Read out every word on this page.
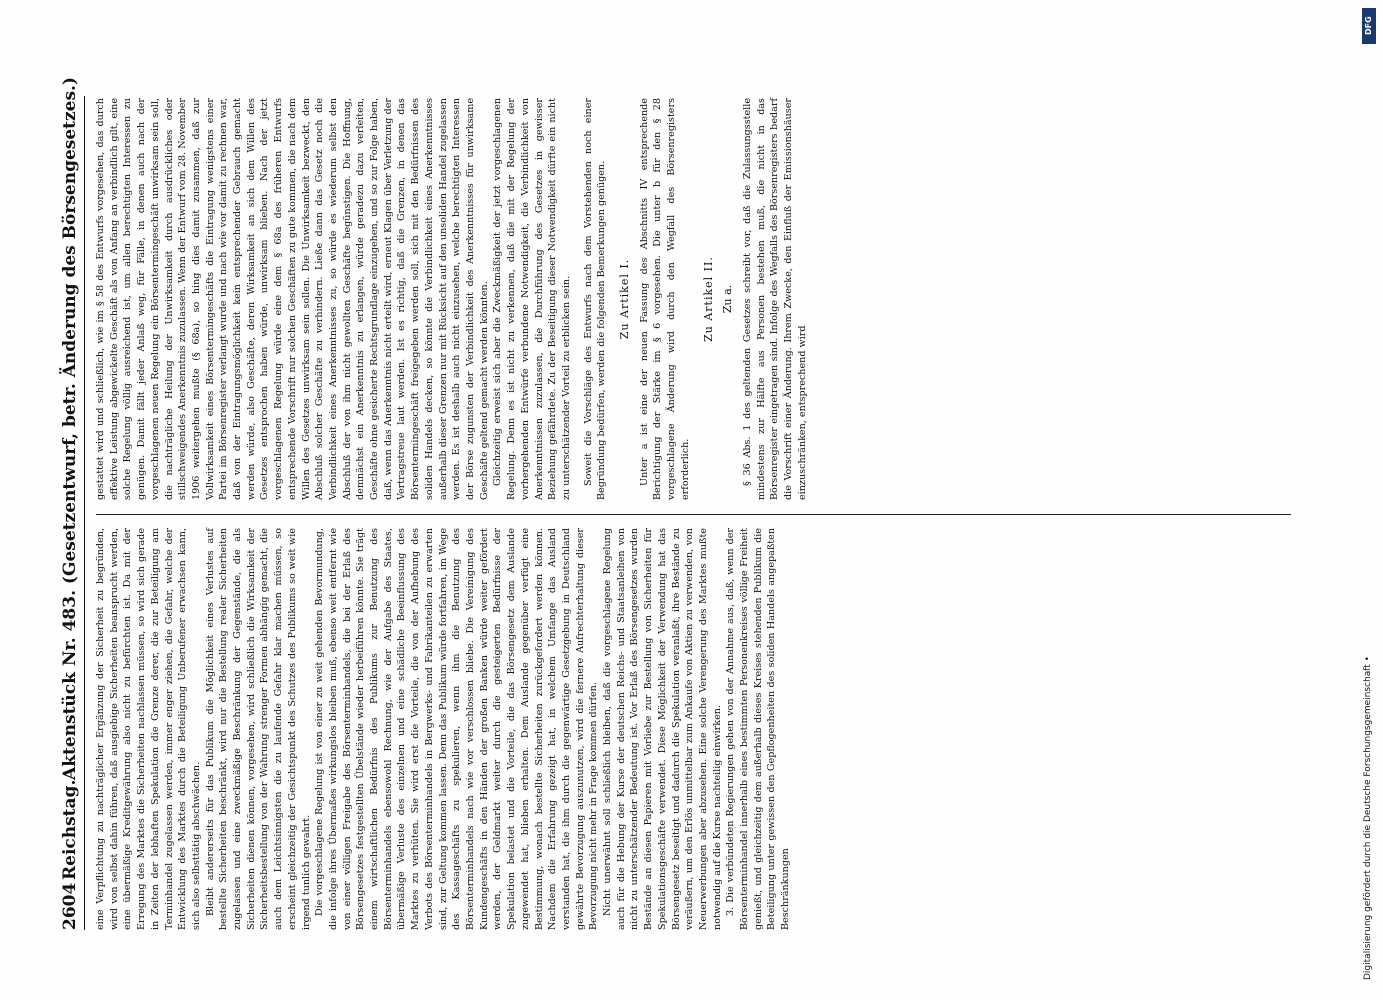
2604
Reichstag.
Aktenstück Nr. 483. (Gesetzentwurf, betr. Änderung des Börsengesetzes.) eine Verpflichtung zu nachträglicher Ergänzung der Sicherheit zu begründen, wird von selbst dahin führen, daß ausgiebige Sicherheiten beansprucht werden, eine übermäßige Kreditgewährung also nicht zu befürchten ist. Da mit der Erregung des Marktes die Sicherheiten nachlassen müssen, so wird sich gerade in Zeiten der lebhaften Spekulation die Grenze derer, die zur Beteiligung am Terminhandel zugelassen werden, immer enger ziehen, die Gefahr, welche der Entwicklung des Marktes durch die Beteiligung Unberufener erwachsen kann, sich also selbsttätig abschwächen. Bleibt andererseits für das Publikum die Möglichkeit eines Verlustes auf bestellte Sicherheiten beschränkt, wird nur die Bestellung realer Sicherheiten zugelassen und eine zweckmäßige Beschränkung der Gegenstände, die als Sicherheiten dienen können, vorgesehen, wird schließlich die Wirksamkeit der Sicherheitsbestellung von der Wahrung strenger Formen abhängig gemacht, die auch dem Leichtsinnigsten die zu laufende Gefahr klar machen müssen, so erscheint gleichzeitig der Gesichtspunkt des Schutzes des Publikums so weit wie irgend tunlich gewahrt. Die vorgeschlagene Regelung ist von einer zu weit gehenden Bevormundung, die infolge ihres Übermaßes wirkungslos bleiben muß, ebenso weit entfernt wie von einer völligen Freigabe des Börsenterminhandels, die bei der Erlaß des Börsengesetzes festgestellten Übelstände wieder herbeiführen könnte. Sie trägt einem wirtschaftlichen Bedürfnis des Publikums zur Benutzung des Börsenterminhandels ebensowohl Rechnung, wie der Aufgabe des Staates, übermäßige Verluste des einzelnen und eine schädliche Beeinflussung des Marktes zu verhüten. Sie wird erst die Vorteile, die von der Aufhebung des Verbots des Börsenterminhandels in Bergwerks- und Fabrikanteilen zu erwarten sind, zur Geltung kommen lassen. Denn das Publikum würde fortfahren, im Wege des Kassageschäfts zu spekulieren, wenn ihm die Benutzung des Börsenterminhandels nach wie vor verschlossen bliebe. Die Vereinigung des Kundengeschäfts in den Händen der großen Banken würde weiter gefördert werden, der Geldmarkt weiter durch die gesteigerten Bedürfnisse der Spekulation belastet und die Vorteile, die das Börsengesetz dem Auslande zugewendet hat, blieben erhalten. Dem Auslande gegenüber verfügt eine Bestimmung, wonach bestellte Sicherheiten zurückgefordert werden können. Nachdem die Erfahrung gezeigt hat, in welchem Umfange das Ausland verstanden hat, die ihm durch die gegenwärtige Gesetzgebung in Deutschland gewährte Bevorzugung auszunutzen, wird die fernere Aufrechterhaltung dieser Bevorzugung nicht mehr in Frage kommen dürfen. Nicht unerwähnt soll schließlich bleiben, daß die vorgeschlagene Regelung auch für die Hebung der Kurse der deutschen Reichs- und Staatsanleihen von nicht zu unterschätzender Bedeutung ist. Vor Erlaß des Börsengesetzes wurden Bestände an diesen Papieren mit Vorliebe zur Bestellung von Sicherheiten für Spekulationsgeschäfte verwendet. Diese Möglichkeit der Verwendung hat das Börsengesetz beseitigt und dadurch die Spekulation veranlaßt, ihre Bestände zu veräußern, um den Erlös unmittelbar zum Ankaufe von Aktien zu verwenden, von Neuerwerbungen aber abzusehen. Eine solche Verengerung des Marktes mußte notwendig auf die Kurse nachteilig einwirken. 3. Die verbündeten Regierungen gehen von der Annahme aus, daß, wenn der Börsenterminhandel innerhalb eines bestimmten Personenkreises völlige Freiheit genießt, und gleichzeitig dem außerhalb dieses Kreises stehenden Publikum die Beteiligung unter gewissen den Gepflogenheiten des soliden Handels angepaßten Beschränkungen

gestattet wird und schließlich, wie im § 58 des Entwurfs vorgesehen, das durch effektive Leistung abgewickelte Geschäft als von Anfang an verbindlich gilt, eine solche Regelung völlig ausreichend ist, um allen berechtigten Interessen zu genügen. Damit fällt jeder Anlaß weg, für Fälle, in denen auch nach der vorgeschlagenen neuen Regelung ein Börsentermingeschäft unwirksam sein soll, die nachträgliche Heilung der Unwirksamkeit durch ausdrückliches oder stillschweigendes Anerkenntnis zuzulassen. Wenn der Entwurf vom 28. November 1906 weitergehen mußte (§ 68a), so hing dies damit zusammen, daß zur Vollwirksamkeit eines Börsentermingeschäfts die Eintragung wenigstens einer Partei im Börsenregister verlangt wurde und nach wie vor damit zu rechnen war, daß von der Eintragungsmöglichkeit kein entsprechender Gebrauch gemacht werden würde, also Geschäfte, deren Wirksamkeit an sich dem Willen des Gesetzes entsprochen haben würde, unwirksam blieben. Nach der jetzt vorgeschlagenen Regelung würde eine dem § 68a des früheren Entwurfs entsprechende Vorschrift nur solchen Geschäften zu gute kommen, die nach dem Willen des Gesetzes unwirksam sein sollen. Die Unwirksamkeit bezweckt, den Abschluß solcher Geschäfte zu verhindern. Ließe dann das Gesetz noch die Verbindlichkeit eines Anerkenntnisses zu, so würde es wiederum selbst den Abschluß der von ihm nicht gewollten Geschäfte begünstigen. Die Hoffnung, demnächst ein Anerkenntnis zu erlangen, würde geradezu dazu verleiten, Geschäfte ohne gesicherte Rechtsgrundlage einzugehen, und so zur Folge haben, daß, wenn das Anerkenntnis nicht erteilt wird, erneut Klagen über Verletzung der Vertragstreue laut werden. Ist es richtig, daß die Grenzen, in denen das Börsentermingeschäft freigegeben werden soll, sich mit den Bedürfnissen des soliden Handels decken, so könnte die Verbindlichkeit eines Anerkenntnisses außerhalb dieser Grenzen nur mit Rücksicht auf den unsoliden Handel zugelassen werden. Es ist deshalb auch nicht einzusehen, welche berechtigten Interessen der Börse zugunsten der Verbindlichkeit des Anerkenntnisses für unwirksame Geschäfte geltend gemacht werden könnten. Gleichzeitig erweist sich aber die Zweckmäßigkeit der jetzt vorgeschlagenen Regelung. Denn es ist nicht zu verkennen, daß die mit der Regelung der vorhergehenden Entwürfe verbundene Notwendigkeit, die Verbindlichkeit von Anerkenntnissen zuzulassen, die Durchführung des Gesetzes in gewisser Beziehung gefährdete. Zu der Beseitigung dieser Notwendigkeit dürfte ein nicht zu unterschätzender Vorteil zu erblicken sein. Soweit die Vorschläge des Entwurfs nach dem Vorstehenden noch einer Begründung bedürfen, werden die folgenden Bemerkungen genügen. Zu Artikel I. Unter a ist eine der neuen Fassung des Abschnitts IV entsprechende Berichtigung der Stärke im § 6 vorgesehen. Die unter b für den § 28 vorgeschlagene Änderung wird durch den Wegfall des Börsenregisters erforderlich.

Zu Artikel II. Zu a. § 36 Abs. 1 des geltenden Gesetzes schreibt vor, daß die Zulassungsstelle mindestens zur Hälfte aus Personen bestehen muß, die nicht in das Börsenregister eingetragen sind. Infolge des Wegfalls des Börsenregisters bedarf die Vorschrift einer Änderung. Ihrem Zwecke, den Einfluß der Emissionshäuser einzuschränken, entsprechend wird

DFG
Digitalisierung gefördert durch die Deutsche Forschungsgemeinschaft •
